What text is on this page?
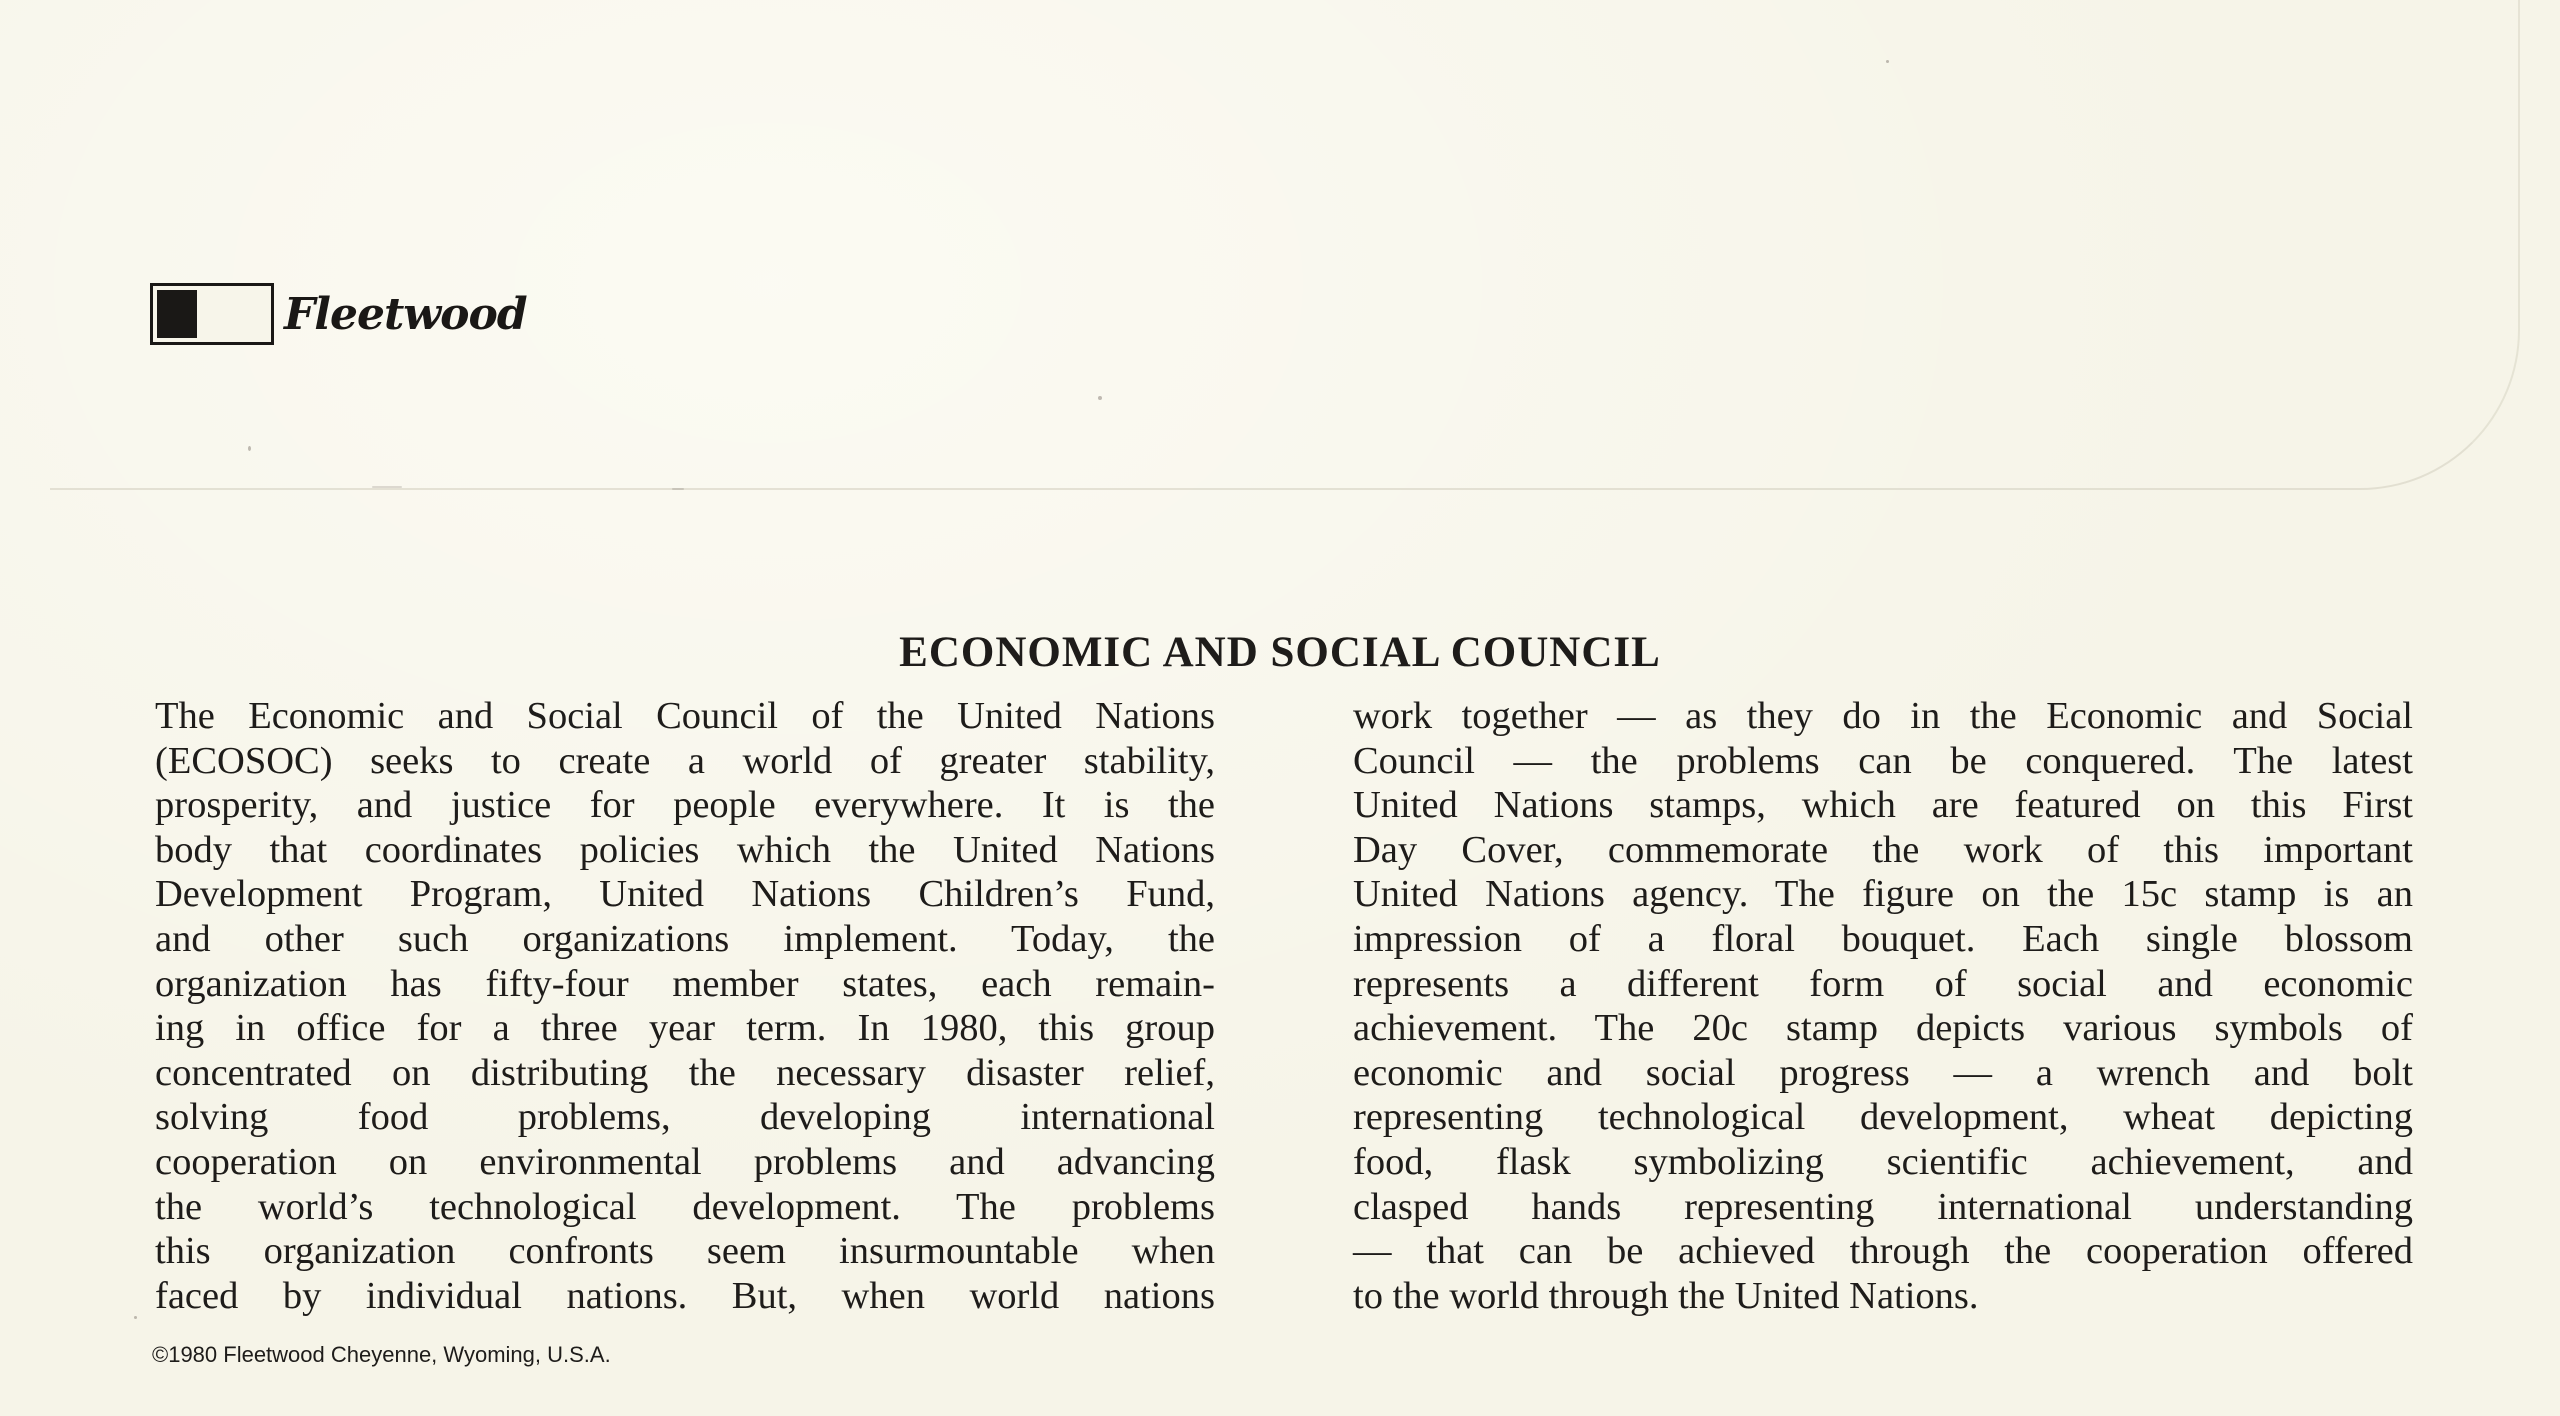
Fleetwood
ECONOMIC AND SOCIAL COUNCIL
The Economic and Social Council of the United Nations
(ECOSOC) seeks to create a world of greater stability,
prosperity, and justice for people everywhere. It is the
body that coordinates policies which the United Nations
Development Program, United Nations Children’s Fund,
and other such organizations implement. Today, the
organization has fifty-four member states, each remain-
ing in office for a three year term. In 1980, this group
concentrated on distributing the necessary disaster relief,
solving food problems, developing international
cooperation on environmental problems and advancing
the world’s technological development. The problems
this organization confronts seem insurmountable when
faced by individual nations. But, when world nations
work together — as they do in the Economic and Social
Council — the problems can be conquered. The latest
United Nations stamps, which are featured on this First
Day Cover, commemorate the work of this important
United Nations agency. The figure on the 15c stamp is an
impression of a floral bouquet. Each single blossom
represents a different form of social and economic
achievement. The 20c stamp depicts various symbols of
economic and social progress — a wrench and bolt
representing technological development, wheat depicting
food, flask symbolizing scientific achievement, and
clasped hands representing international understanding
— that can be achieved through the cooperation offered
to the world through the United Nations.
©1980 Fleetwood Cheyenne, Wyoming, U.S.A.
